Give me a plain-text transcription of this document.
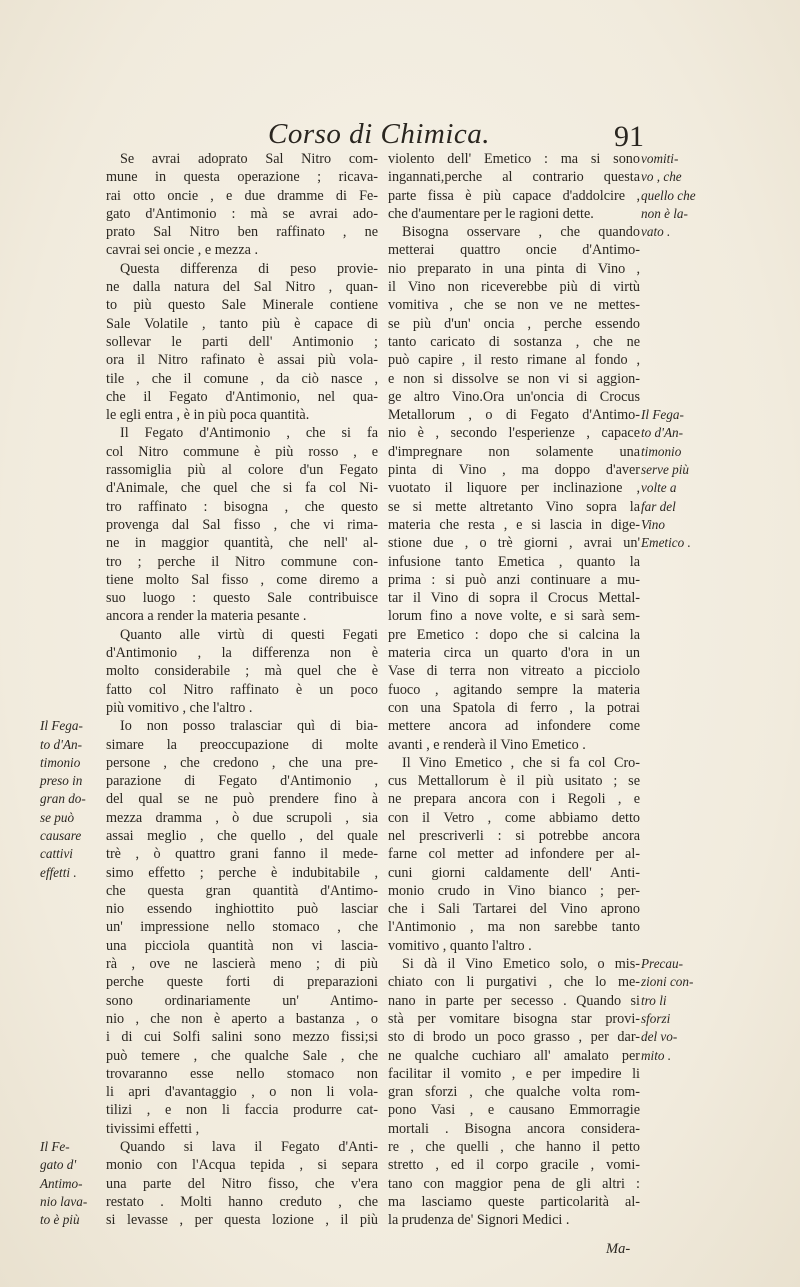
Corso di Chimica.	91
Se avrai adoprato Sal Nitro com-
mune in questa operazione ; ricava-
rai otto oncie , e due dramme di Fe-
gato d'Antimonio : mà se avrai ado-
prato Sal Nitro ben raffinato , ne
cavrai sei oncie , e mezza .
Questa differenza di peso provie-
ne dalla natura del Sal Nitro , quan-
to più questo Sale Minerale contiene
Sale Volatile , tanto più è capace di
sollevar le parti dell' Antimonio ;
ora il Nitro rafinato è assai più vola-
tile , che il comune , da ciò nasce ,
che il Fegato d'Antimonio, nel qua-
le egli entra , è in più poca quantità.
Il Fegato d'Antimonio , che si fa
col Nitro commune è più rosso , e
rassomiglia più al colore d'un Fegato
d'Animale, che quel che si fa col Ni-
tro raffinato : bisogna , che questo
provenga dal Sal fisso , che vi rima-
ne in maggior quantità, che nell' al-
tro ; perche il Nitro commune con-
tiene molto Sal fisso , come diremo a
suo luogo : questo Sale contribuisce
ancora a render la materia pesante .
Quanto alle virtù di questi Fegati
d'Antimonio , la differenza non è
molto considerabile ; mà quel che è
fatto col Nitro raffinato è un poco
più vomitivo , che l'altro .
Io non posso tralasciar quì di bia-
simare la preoccupazione di molte
persone , che credono , che una pre-
parazione di Fegato d'Antimonio ,
del qual se ne può prendere fino à
mezza dramma , ò due scrupoli , sia
assai meglio , che quello , del quale
trè , ò quattro grani fanno il mede-
simo effetto ; perche è indubitabile ,
che questa gran quantità d'Antimo-
nio essendo inghiottito può lasciar
un' impressione nello stomaco , che
una picciola quantità non vi lascia-
rà , ove ne lascierà meno ; di più
perche queste forti di preparazioni
sono ordinariamente un' Antimo-
nio , che non è aperto a bastanza , o
i di cui Solfi salini sono mezzo fissi;si
può temere , che qualche Sale , che
trovaranno esse nello stomaco non
li apri d'avantaggio , o non li vola-
tilizi , e non li faccia produrre cat-
tivissimi effetti ,
Quando si lava il Fegato d'Anti-
monio con l'Acqua tepida , si separa
una parte del Nitro fisso, che v'era
restato . Molti hanno creduto , che
si levasse , per questa lozione , il più
violento dell' Emetico : ma si sono
ingannati,perche al contrario questa
parte fissa è più capace d'addolcire ,
che d'aumentare per le ragioni dette.
Bisogna osservare , che quando
metterai quattro oncie d'Antimo-
nio preparato in una pinta di Vino ,
il Vino non riceverebbe più di virtù
vomitiva , che se non ve ne mettes-
se più d'un' oncia , perche essendo
tanto caricato di sostanza , che ne
può capire , il resto rimane al fondo ,
e non si dissolve se non vi si aggion-
ge altro Vino.Ora un'oncia di Crocus
Metallorum , o di Fegato d'Antimo-
nio è , secondo l'esperienze , capace
d'impregnare non solamente una
pinta di Vino , ma doppo d'aver
vuotato il liquore per inclinazione ,
se si mette altretanto Vino sopra la
materia che resta , e si lascia in dige-
stione due , o trè giorni , avrai un'
infusione tanto Emetica , quanto la
prima : si può anzi continuare a mu-
tar il Vino di sopra il Crocus Mettal-
lorum fino a nove volte, e si sarà sem-
pre Emetico : dopo che si calcina la
materia circa un quarto d'ora in un
Vase di terra non vitreato a picciolo
fuoco , agitando sempre la materia
con una Spatola di ferro , la potrai
mettere ancora ad infondere come
avanti , e renderà il Vino Emetico .
Il Vino Emetico , che si fa col Cro-
cus Mettallorum è il più usitato ; se
ne prepara ancora con i Regoli , e
con il Vetro , come abbiamo detto
nel prescriverli : si potrebbe ancora
farne col metter ad infondere per al-
cuni giorni caldamente dell' Anti-
monio crudo in Vino bianco ; per-
che i Sali Tartarei del Vino aprono
l'Antimonio , ma non sarebbe tanto
vomitivo , quanto l'altro .
Si dà il Vino Emetico solo, o mis-
chiato con li purgativi , che lo me-
nano in parte per secesso . Quando si
stà per vomitare bisogna star provi-
sto di brodo un poco grasso , per dar-
ne qualche cuchiaro all' amalato per
facilitar il vomito , e per impedire li
gran sforzi , che qualche volta rom-
pono Vasi , e causano Emmorragie
mortali . Bisogna ancora considera-
re , che quelli , che hanno il petto
stretto , ed il corpo gracile , vomi-
tano con maggior pena de gli altri :
ma lasciamo queste particolarità al-
la prudenza de' Signori Medici .
Il Fega-
to d'An-
timonio
preso in
gran do-
se può
causare
cattivi
effetti .
Il Fe-
gato d'
Antimo-
nio lava-
to è più
vomiti-
vo , che
quello che
non è la-
vato .
Il Fega-
to d'An-
timonio
serve più
volte a
far del
Vino
Emetico .
Precau-
zioni con-
tro li
sforzi
del vo-
mito .
Ma-
